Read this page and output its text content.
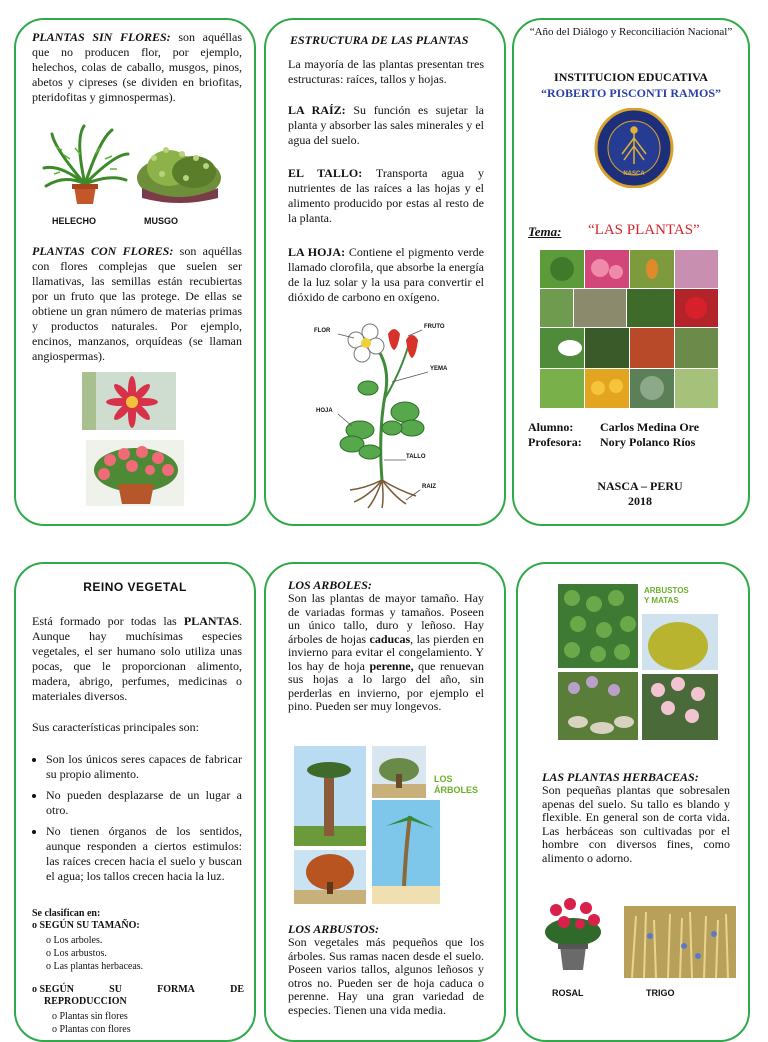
PLANTAS SIN FLORES: son aquéllas que no producen flor, por ejemplo, helechos, colas de caballo, musgos, pinos, abetos y cipreses (se dividen en briofitas, pteridofitas y gimnospermas).
HELECHO	MUSGO
PLANTAS CON FLORES: son aquéllas con flores complejas que suelen ser llamativas, las semillas están recubiertas por un fruto que las protege. De ellas se obtiene un gran número de materias primas y productos naturales. Por ejemplo, encinos, manzanos, orquídeas (se llaman angiospermas).
ESTRUCTURA DE LAS PLANTAS
La mayoría de las plantas presentan tres estructuras: raíces, tallos y hojas.
LA RAÍZ: Su función es sujetar la planta y absorber las sales minerales y el agua del suelo.
EL TALLO: Transporta agua y nutrientes de las raíces a las hojas y el alimento producido por estas al resto de la planta.
LA HOJA: Contiene el pigmento verde llamado clorofila, que absorbe la energía de la luz solar y la usa para convertir el dióxido de carbono en oxígeno.
FLOR
FRUTO
YEMA
HOJA
TALLO
RAIZ
“Año del Diálogo y Reconciliación Nacional”
INSTITUCION EDUCATIVA
“ROBERTO PISCONTI RAMOS”
NASCA
Tema: “LAS PLANTAS”
Alumno: Carlos Medina Ore
Profesora: Nory Polanco Ríos
NASCA – PERU
2018
REINO VEGETAL
Está formado por todas las PLANTAS. Aunque hay muchísimas especies vegetales, el ser humano solo utiliza unas pocas, que le proporcionan alimento, madera, abrigo, perfumes, medicinas o materiales diversos.
Sus características principales son:
• Son los únicos seres capaces de fabricar su propio alimento.
• No pueden desplazarse de un lugar a otro.
• No tienen órganos de los sentidos, aunque responden a ciertos estimulos: las raíces crecen hacia el suelo y buscan el agua; los tallos crecen hacia la luz.
Se clasifican en:
o SEGÚN SU TAMAÑO:
o Los arboles.
o Los arbustos.
o Las plantas herbaceas.
o SEGÚN	SU	FORMA	DE
REPRODUCCION
o Plantas sin flores
o Plantas con flores
LOS ARBOLES:
Son las plantas de mayor tamaño. Hay de variadas formas y tamaños. Poseen un único tallo, duro y leñoso. Hay árboles de hojas caducas, las pierden en invierno para evitar el congelamiento. Y los hay de hoja perenne, que renuevan sus hojas a lo largo del año, sin perderlas en invierno, por ejemplo el pino. Pueden ser muy longevos.
LOS
ÁRBOLES
LOS ARBUSTOS:
Son vegetales más pequeños que los árboles. Sus ramas nacen desde el suelo. Poseen varios tallos, algunos leñosos y otros no. Pueden ser de hoja caduca o perenne. Hay una gran variedad de especies. Tienen una vida media.
ARBUSTOS
Y MATAS
LAS PLANTAS HERBACEAS:
Son pequeñas plantas que sobresalen apenas del suelo. Su tallo es blando y flexible. En general son de corta vida. Las herbáceas son cultivadas por el hombre con diversos fines, como alimento o adorno.
ROSAL	TRIGO
